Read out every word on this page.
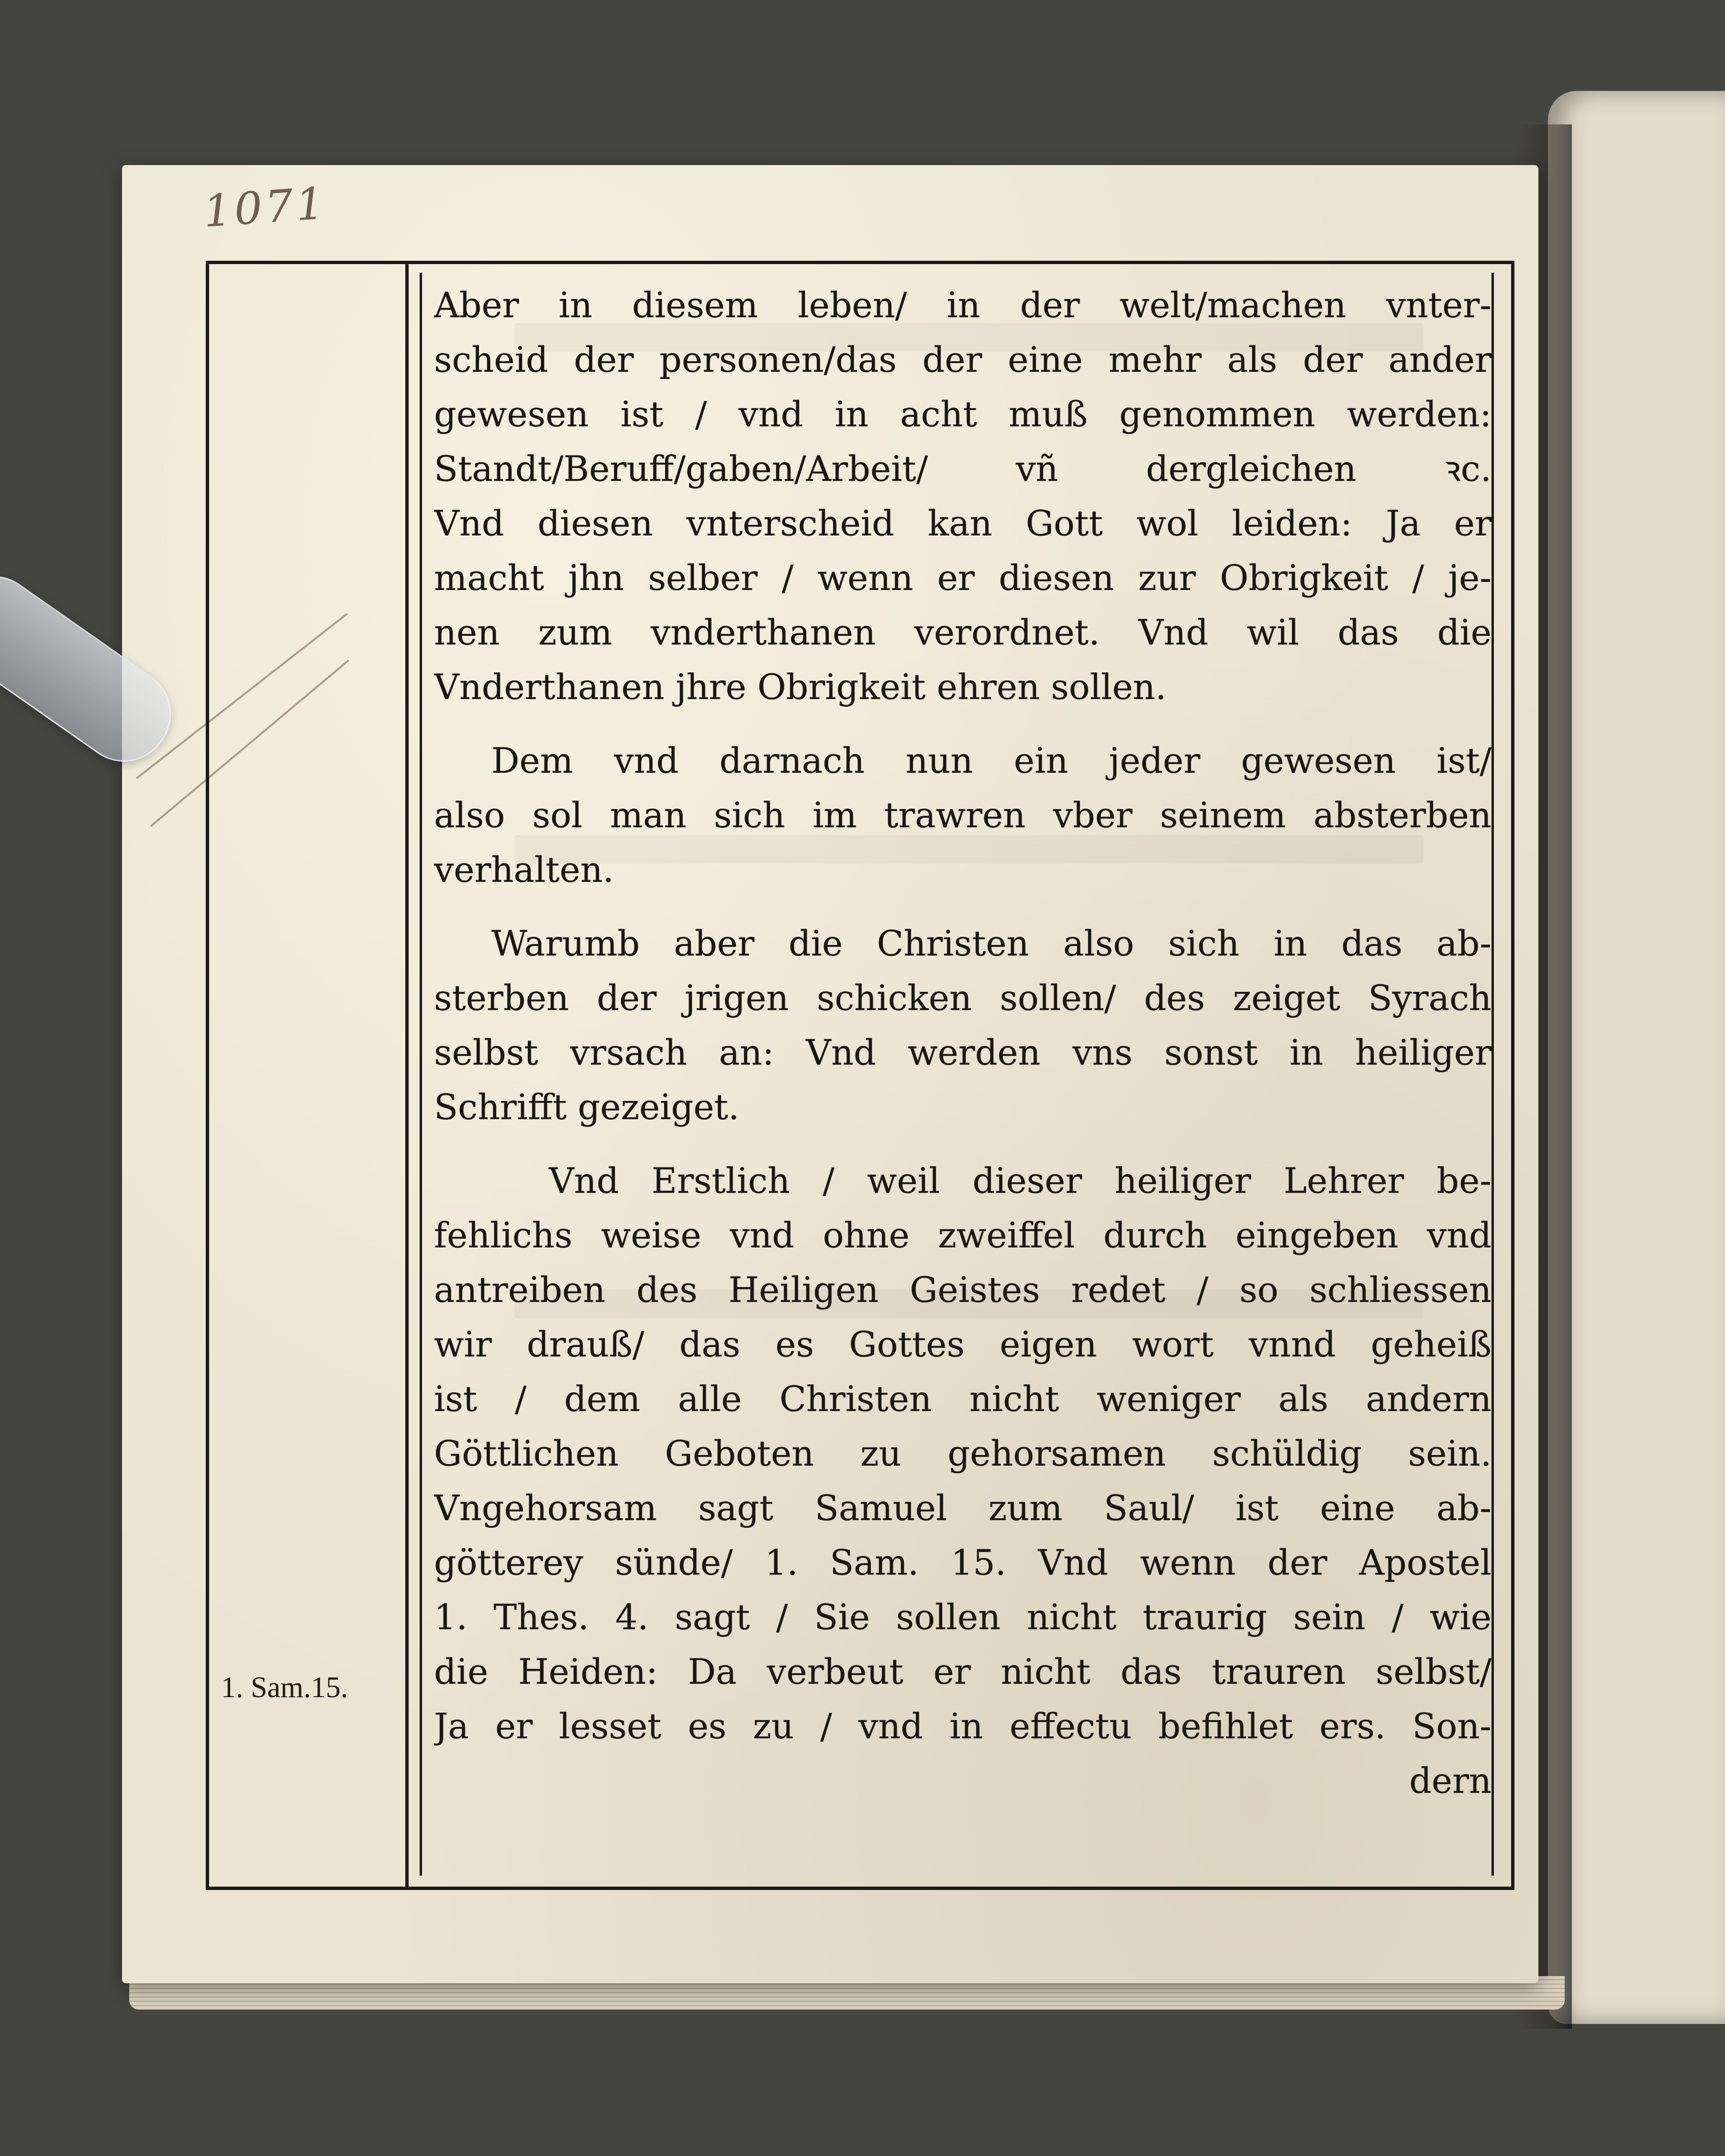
1071
1. Sam.15.
Aber in diesem leben/ in der welt/machen vnter-
scheid der personen/das der eine mehr als der ander
gewesen ist / vnd in acht muß genommen werden:
Standt/Beruff/gaben/Arbeit/ vñ dergleichen ꝛc.
Vnd diesen vnterscheid kan Gott wol leiden: Ja er
macht jhn selber / wenn er diesen zur Obrigkeit / je-
nen zum vnderthanen verordnet. Vnd wil das die
Vnderthanen jhre Obrigkeit ehren sollen.
Dem vnd darnach nun ein jeder gewesen ist/
also sol man sich im trawren vber seinem absterben
verhalten.
Warumb aber die Christen also sich in das ab-
sterben der jrigen schicken sollen/ des zeiget Syrach
selbst vrsach an: Vnd werden vns sonst in heiliger
Schrifft gezeiget.
Vnd Erstlich / weil dieser heiliger Lehrer be-
fehlichs weise vnd ohne zweiffel durch eingeben vnd
antreiben des Heiligen Geistes redet / so schliessen
wir drauß/ das es Gottes eigen wort vnnd geheiß
ist / dem alle Christen nicht weniger als andern
Göttlichen Geboten zu gehorsamen schüldig sein.
Vngehorsam sagt Samuel zum Saul/ ist eine ab-
götterey sünde/ 1. Sam. 15. Vnd wenn der Apostel
1. Thes. 4. sagt / Sie sollen nicht traurig sein / wie
die Heiden: Da verbeut er nicht das trauren selbst/
Ja er lesset es zu / vnd in effectu befihlet ers. Son-
dern
